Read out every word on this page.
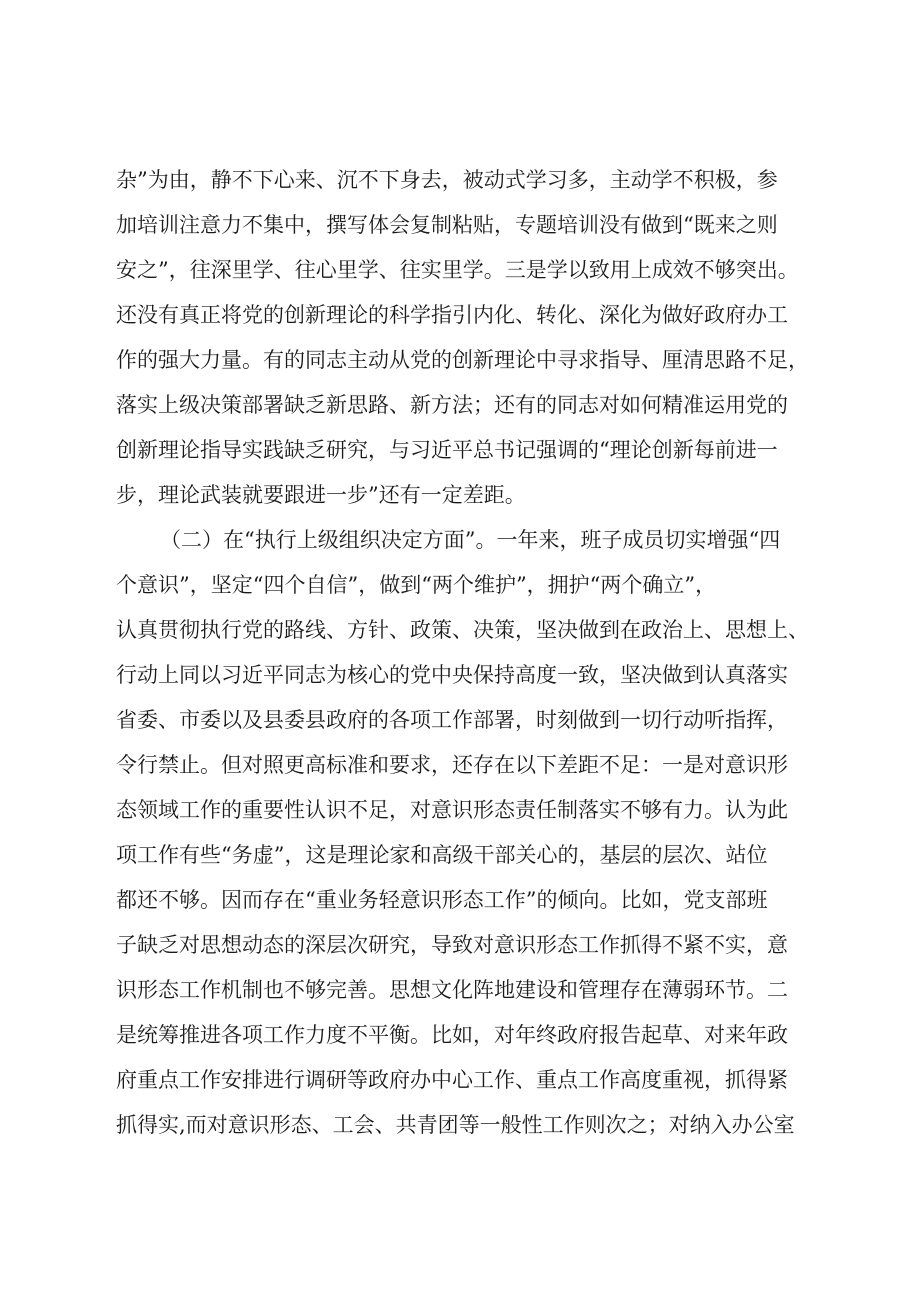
杂”为由，静不下心来、沉不下身去，被动式学习多，主动学不积极，参
加培训注意力不集中，撰写体会复制粘贴，专题培训没有做到“既来之则
安之”，往深里学、往心里学、往实里学。三是学以致用上成效不够突出。
还没有真正将党的创新理论的科学指引内化、转化、深化为做好政府办工
作的强大力量。有的同志主动从党的创新理论中寻求指导、厘清思路不足，
落实上级决策部署缺乏新思路、新方法；还有的同志对如何精准运用党的
创新理论指导实践缺乏研究，与习近平总书记强调的“理论创新每前进一
步，理论武装就要跟进一步”还有一定差距。
（二）在“执行上级组织决定方面”。一年来，班子成员切实增强“四
个意识”，坚定“四个自信”，做到“两个维护”，拥护“两个确立”，
认真贯彻执行党的路线、方针、政策、决策，坚决做到在政治上、思想上、
行动上同以习近平同志为核心的党中央保持高度一致，坚决做到认真落实
省委、市委以及县委县政府的各项工作部署，时刻做到一切行动听指挥，
令行禁止。但对照更高标准和要求，还存在以下差距不足：一是对意识形
态领域工作的重要性认识不足，对意识形态责任制落实不够有力。认为此
项工作有些“务虚”，这是理论家和高级干部关心的，基层的层次、站位
都还不够。因而存在“重业务轻意识形态工作”的倾向。比如，党支部班
子缺乏对思想动态的深层次研究，导致对意识形态工作抓得不紧不实，意
识形态工作机制也不够完善。思想文化阵地建设和管理存在薄弱环节。二
是统筹推进各项工作力度不平衡。比如，对年终政府报告起草、对来年政
府重点工作安排进行调研等政府办中心工作、重点工作高度重视，抓得紧
抓得实,而对意识形态、工会、共青团等一般性工作则次之；对纳入办公室
